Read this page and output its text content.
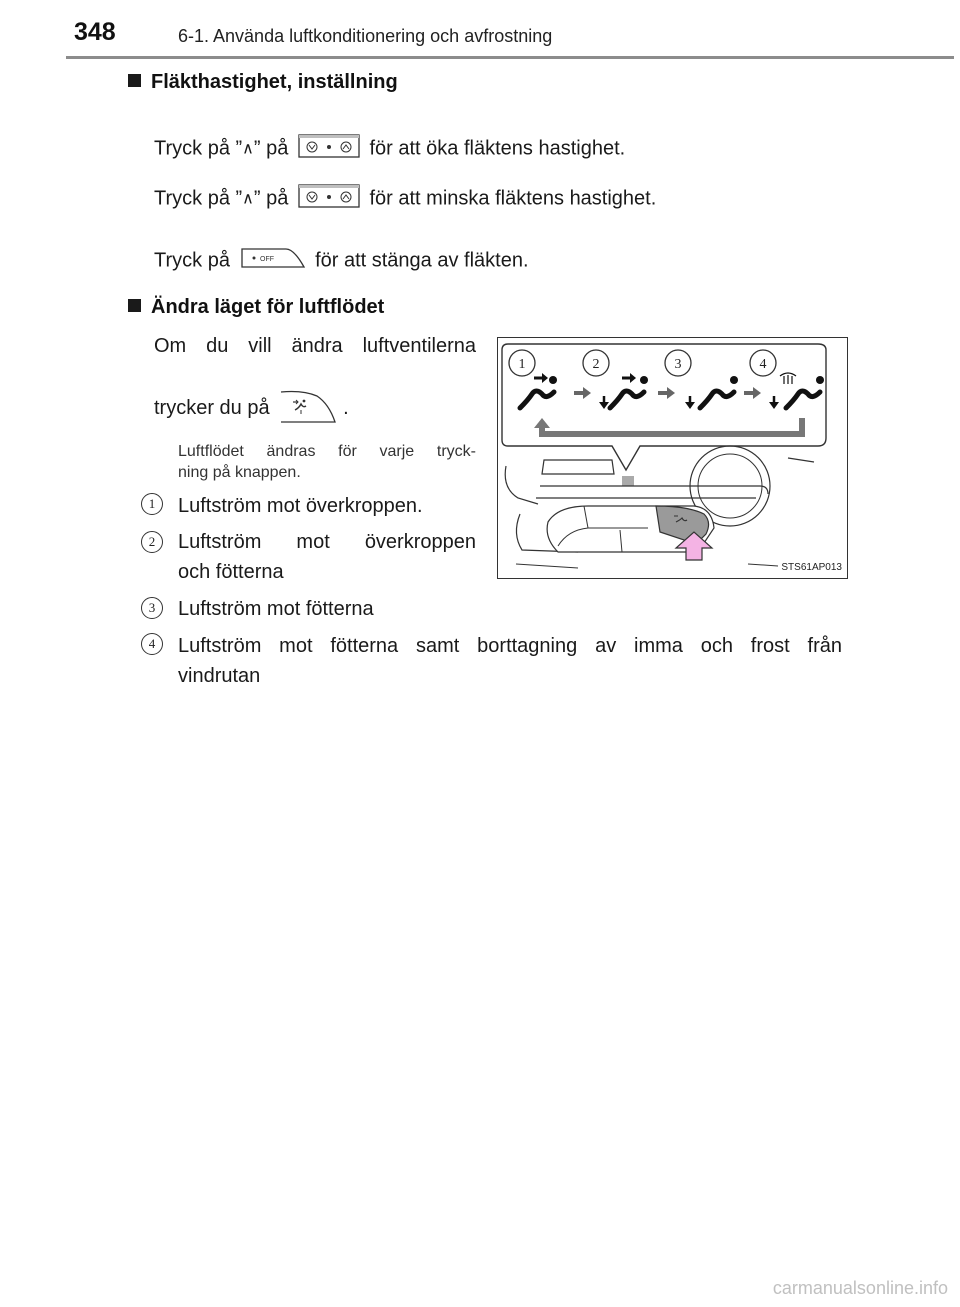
348	6-1. Använda luftkonditionering och avfrostning
Fläkthastighet, inställning
Tryck på ”∧” på	för att öka fläktens hastighet.
Tryck på ”∧” på	för att minska fläktens hastighet.
Tryck på	OFF för att stänga av fläkten.
Ändra läget för luftflödet
Om du vill ändra luftventilerna
trycker du på	.
Luftflödet ändras för varje tryck-
ning på knappen.
1	Luftström mot överkroppen.
2	Luftström mot överkroppen
och fötterna
3	Luftström mot fötterna
4	Luftström mot fötterna samt borttagning av imma och frost från
vindrutan
1	2	3	4
STS61AP013
carmanualsonline.info
